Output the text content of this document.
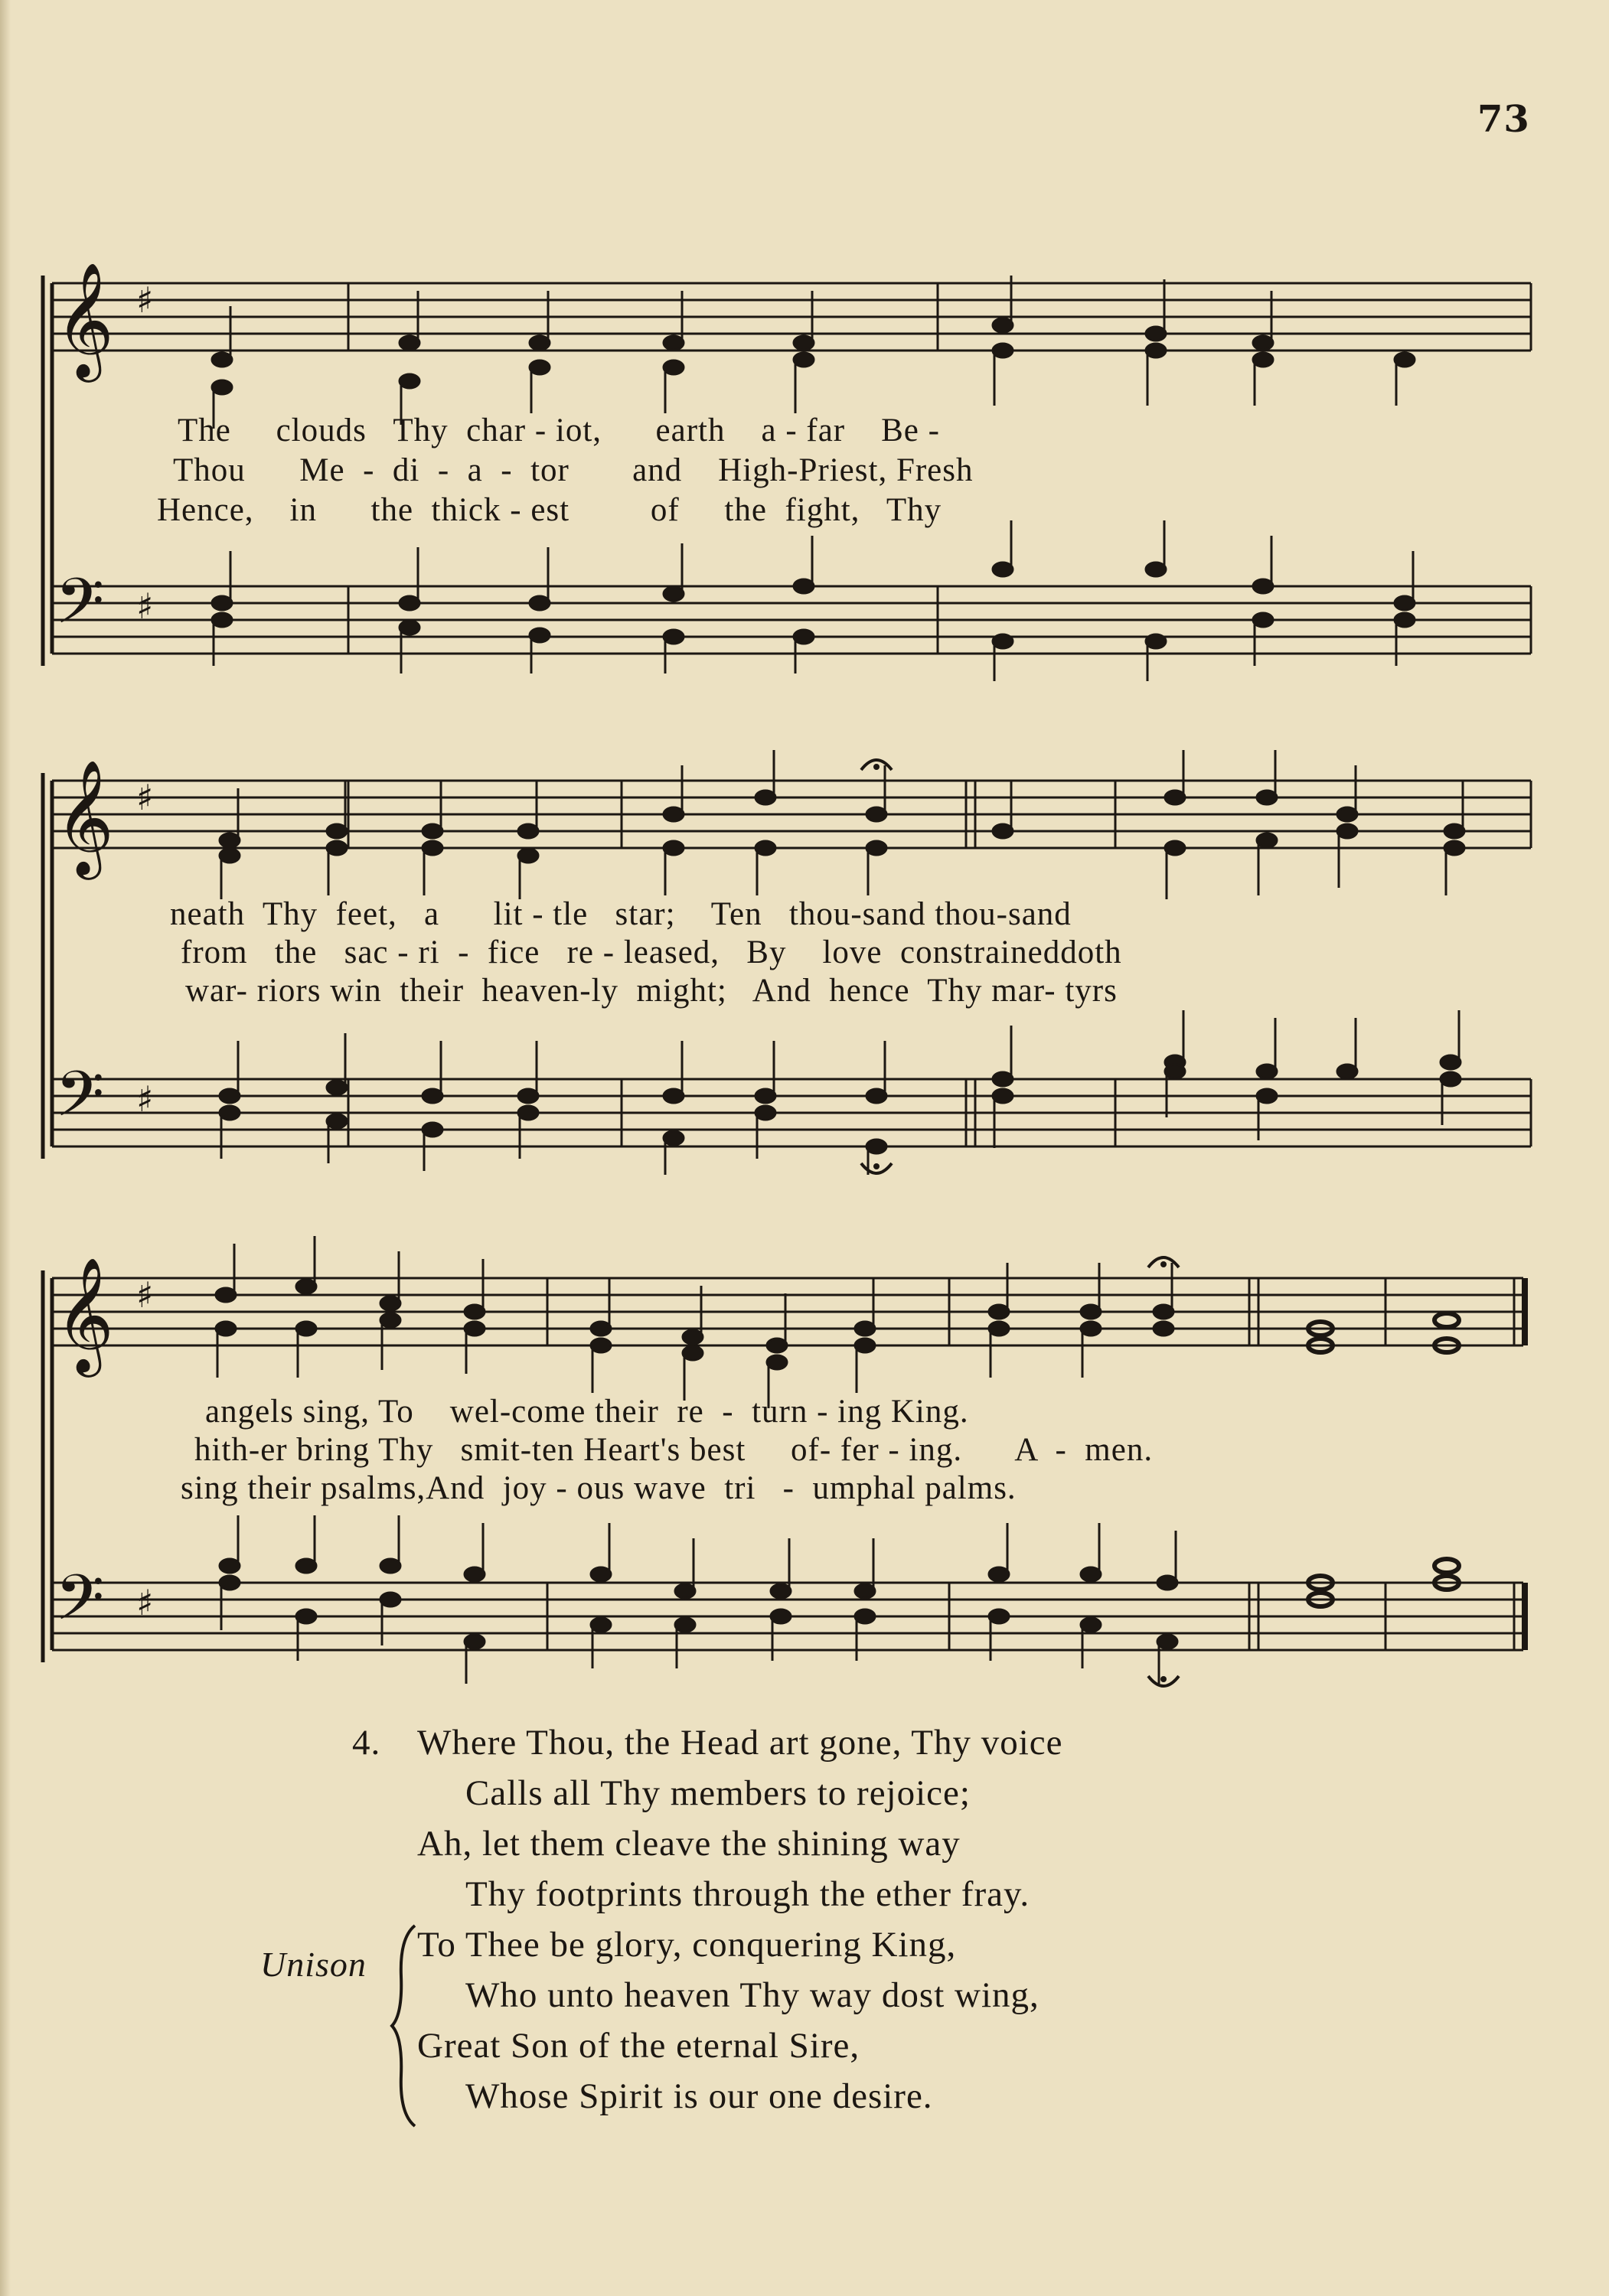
73
𝄞
𝄢
♯
♯

The     clouds   Thy  char - iot,      earth    a - far    Be -

Thou      Me  -  di  -  a  -  tor       and    High-Priest, Fresh

Hence,    in      the  thick - est         of     the  fight,   Thy

𝄞
𝄢
♯
♯

neath  Thy  feet,   a      lit - tle   star;    Ten   thou-sand thou-sand

from   the   sac - ri  -  fice   re - leased,   By    love  constraineddoth

war- riors win  their  heaven-ly  might;   And  hence  Thy mar- tyrs

𝄞
𝄢
♯
♯

angels sing, To    wel-come their  re  -  turn - ing King.

hith-er bring Thy   smit-ten Heart's best     of- fer - ing.      A  -  men.

sing their psalms,And  joy - ous wave  tri   -  umphal palms.

4. Where Thou, the Head art gone, Thy voice

Calls all Thy members to rejoice;

Ah, let them cleave the shining way

Thy footprints through the ether fray.

To Thee be glory, conquering King,

Who unto heaven Thy way dost wing,

Great Son of the eternal Sire,

Whose Spirit is our one desire.

Unison
